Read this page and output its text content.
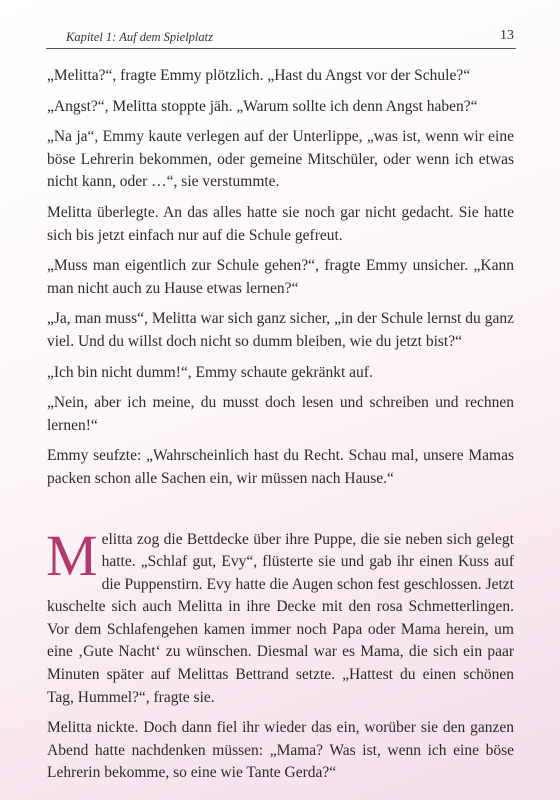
Kapitel 1: Auf dem Spielplatz	13

„Melitta?“, fragte Emmy plötzlich. „Hast du Angst vor der Schule?“

„Angst?“, Melitta stoppte jäh. „Warum sollte ich denn Angst haben?“

„Na ja“, Emmy kaute verlegen auf der Unterlippe, „was ist, wenn wir eine böse Lehrerin bekommen, oder gemeine Mitschüler, oder wenn ich etwas nicht kann, oder …“, sie verstummte.

Melitta überlegte. An das alles hatte sie noch gar nicht gedacht. Sie hatte sich bis jetzt einfach nur auf die Schule gefreut.

„Muss man eigentlich zur Schule gehen?“, fragte Emmy unsicher. „Kann man nicht auch zu Hause etwas lernen?“

„Ja, man muss“, Melitta war sich ganz sicher, „in der Schule lernst du ganz viel. Und du willst doch nicht so dumm bleiben, wie du jetzt bist?“

„Ich bin nicht dumm!“, Emmy schaute gekränkt auf.

„Nein, aber ich meine, du musst doch lesen und schreiben und rechnen lernen!“

Emmy seufzte: „Wahrscheinlich hast du Recht. Schau mal, unsere Mamas packen schon alle Sachen ein, wir müssen nach Hause.“

Melitta zog die Bettdecke über ihre Puppe, die sie neben sich gelegt hatte. „Schlaf gut, Evy“, flüsterte sie und gab ihr einen Kuss auf die Puppenstirn. Evy hatte die Augen schon fest geschlossen. Jetzt kuschelte sich auch Melitta in ihre Decke mit den rosa Schmetterlingen. Vor dem Schlafengehen kamen immer noch Papa oder Mama herein, um eine ‚Gute Nacht‘ zu wünschen. Diesmal war es Mama, die sich ein paar Minuten später auf Melittas Bettrand setzte. „Hattest du einen schönen Tag, Hummel?“, fragte sie.

Melitta nickte. Doch dann fiel ihr wieder das ein, worüber sie den ganzen Abend hatte nachdenken müssen: „Mama? Was ist, wenn ich eine böse Lehrerin bekomme, so eine wie Tante Gerda?“
